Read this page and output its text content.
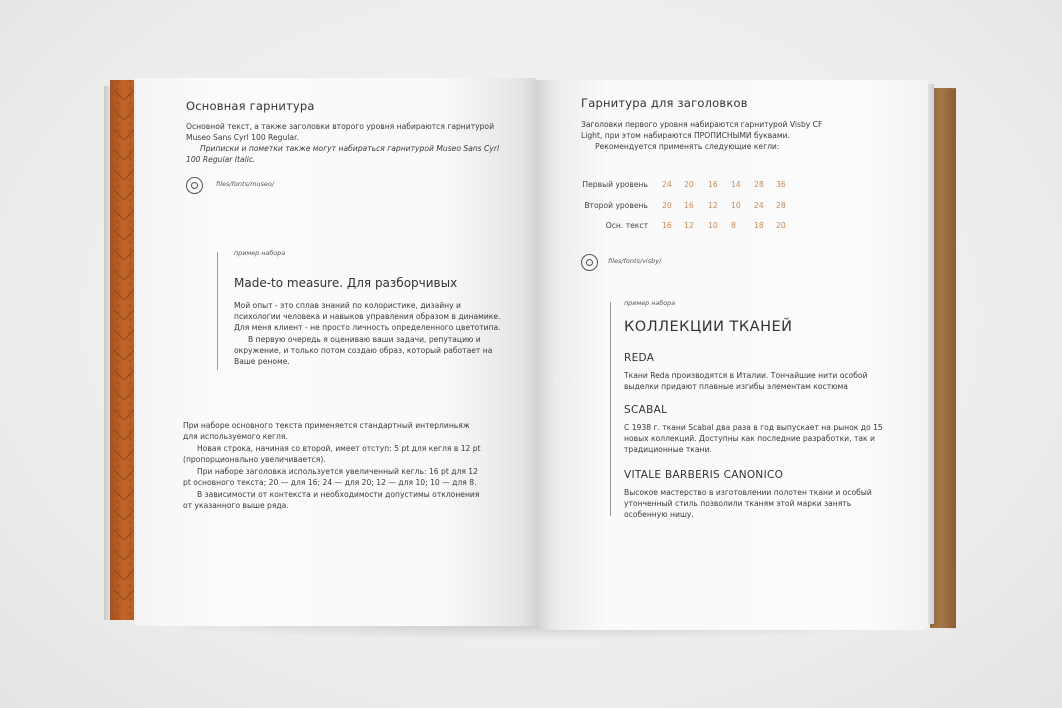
Основная гарнитура
Основной текст, а также заголовки второго уровня набираются гарнитурой Museo Sans Cyrl 100 Regular.
Приписки и пометки также могут набираться гарнитурой Museo Sans Cyrl 100 Regular Italic.
files/fonts/museo/
пример набора
Made-to measure. Для разборчивых
Мой опыт - это сплав знаний по колористике, дизайну и психологии человека и навыков управления образом в динамике. Для меня клиент - не просто личность определенного цветотипа.
В первую очередь я оцениваю ваши задачи, репутацию и окружение, и только потом создаю образ, который работает на Ваше реноме.
При наборе основного текста применяется стандартный интерлиньяж для используемого кегля.
Новая строка, начиная со второй, имеет отступ: 5 pt для кегля в 12 pt (пропорционально увеличивается).
При наборе заголовка используется увеличенный кегль: 16 pt для 12 pt основного текста; 20 — для 16; 24 — для 20; 12 — для 10; 10 — для 8.
В зависимости от контекста и необходимости допустимы отклонения от указанного выше ряда.
Гарнитура для заголовков
Заголовки первого уровня набираются гарнитурой Visby CF Light, при этом набираются ПРОПИСНЫМИ буквами.
Рекомендуется применять следующие кегли:
Первый уровень 24 20 16 14 28 36
Второй уровень 20 16 12 10 24 28
Осн. текст 16 12 10 8 18 20
files/fonts/visby/
пример набора
КОЛЛЕКЦИИ ТКАНЕЙ
REDA
Ткани Reda производятся в Италии. Тончайшие нити особой выделки придают плавные изгибы элементам костюма
SCABAL
С 1938 г. ткани Scabal два раза в год выпускает на рынок до 15 новых коллекций. Доступны как последние разработки, так и традиционные ткани.
VITALE BARBERIS CANONICO
Высокое мастерство в изготовлении полотен ткани и особый утонченный стиль позволили тканям этой марки занять особенную нишу.
